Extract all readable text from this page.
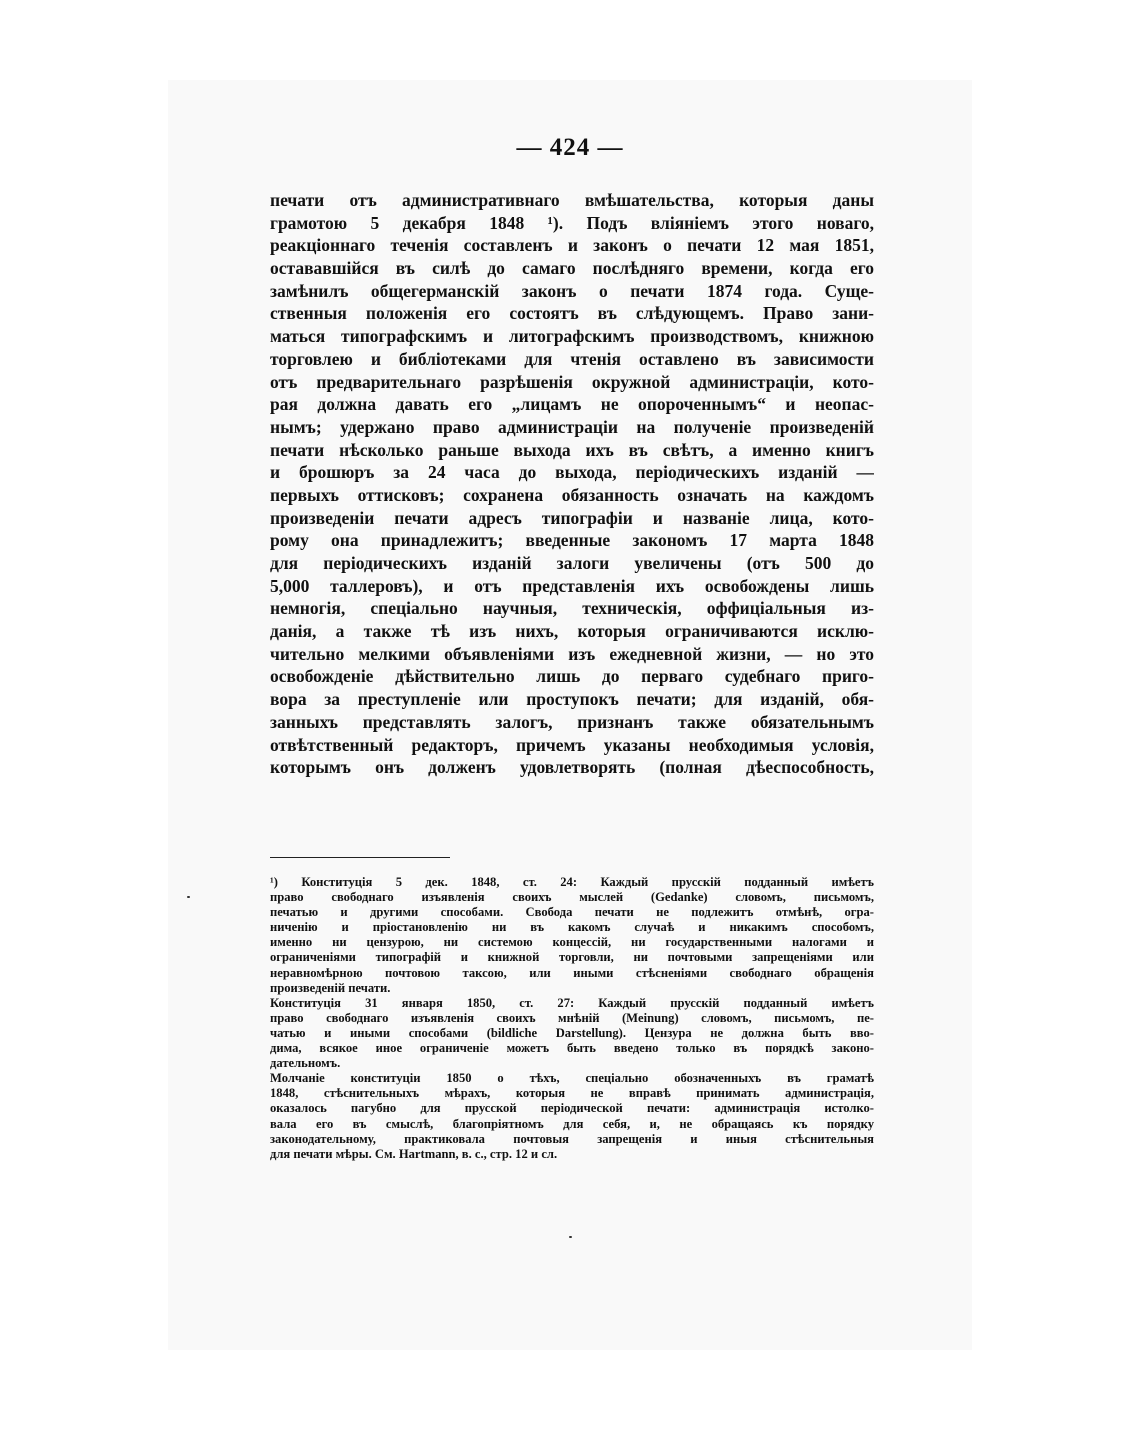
— 424 —
печати отъ административнаго вмѣшательства, которыя даны
грамотою 5 декабря 1848 ¹). Подъ вліяніемъ этого новаго,
реакціоннаго теченія составленъ и законъ о печати 12 мая 1851,
остававшійся въ силѣ до самаго послѣдняго времени, когда его
замѣнилъ общегерманскій законъ о печати 1874 года. Суще-
ственныя положенія его состоятъ въ слѣдующемъ. Право зани-
маться типографскимъ и литографскимъ производствомъ, книжною
торговлею и библіотеками для чтенія оставлено въ зависимости
отъ предварительнаго разрѣшенія окружной администраціи, кото-
рая должна давать его „лицамъ не опороченнымъ“ и неопас-
нымъ; удержано право администраціи на полученіе произведеній
печати нѣсколько раньше выхода ихъ въ свѣтъ, а именно книгъ
и брошюръ за 24 часа до выхода, періодическихъ изданій —
первыхъ оттисковъ; сохранена обязанность означать на каждомъ
произведеніи печати адресъ типографіи и названіе лица, кото-
рому она принадлежитъ; введенные закономъ 17 марта 1848
для періодическихъ изданій залоги увеличены (отъ 500 до
5,000 таллеровъ), и отъ представленія ихъ освобождены лишь
немногія, спеціально научныя, техническія, оффиціальныя из-
данія, а также тѣ изъ нихъ, которыя ограничиваются исклю-
чительно мелкими объявленіями изъ ежедневной жизни, — но это
освобожденіе дѣйствительно лишь до перваго судебнаго приго-
вора за преступленіе или проступокъ печати; для изданій, обя-
занныхъ представлять залогъ, признанъ также обязательнымъ
отвѣтственный редакторъ, причемъ указаны необходимыя условія,
которымъ онъ долженъ удовлетворять (полная дѣеспособность,
¹) Конституція 5 дек. 1848, ст. 24: Каждый прусскій подданный имѣетъ
право свободнаго изъявленія своихъ мыслей (Gedanke) словомъ, письмомъ,
печатью и другими способами. Свобода печати не подлежитъ отмѣнѣ, огра-
ниченію и пріостановленію ни въ какомъ случаѣ и никакимъ способомъ,
именно ни цензурою, ни системою концессій, ни государственными налогами и
ограниченіями типографій и книжной торговли, ни почтовыми запрещеніями или
неравномѣрною почтовою таксою, или иными стѣсненіями свободнаго обращенія
произведеній печати.
Конституція 31 января 1850, ст. 27: Каждый прусскій подданный имѣетъ
право свободнаго изъявленія своихъ мнѣній (Meinung) словомъ, письмомъ, пе-
чатью и иными способами (bildliche Darstellung). Цензура не должна быть вво-
дима, всякое иное ограниченіе можетъ быть введено только въ порядкѣ законо-
дательномъ.
Молчаніе конституціи 1850 о тѣхъ, спеціально обозначенныхъ въ граматѣ
1848, стѣснительныхъ мѣрахъ, которыя не вправѣ принимать администрація,
оказалось пагубно для прусской періодической печати: администрація истолко-
вала его въ смыслѣ, благопріятномъ для себя, и, не обращаясь къ порядку
законодательному, практиковала почтовыя запрещенія и иныя стѣснительныя
для печати мѣры. См. Hartmann, в. с., стр. 12 и сл.
